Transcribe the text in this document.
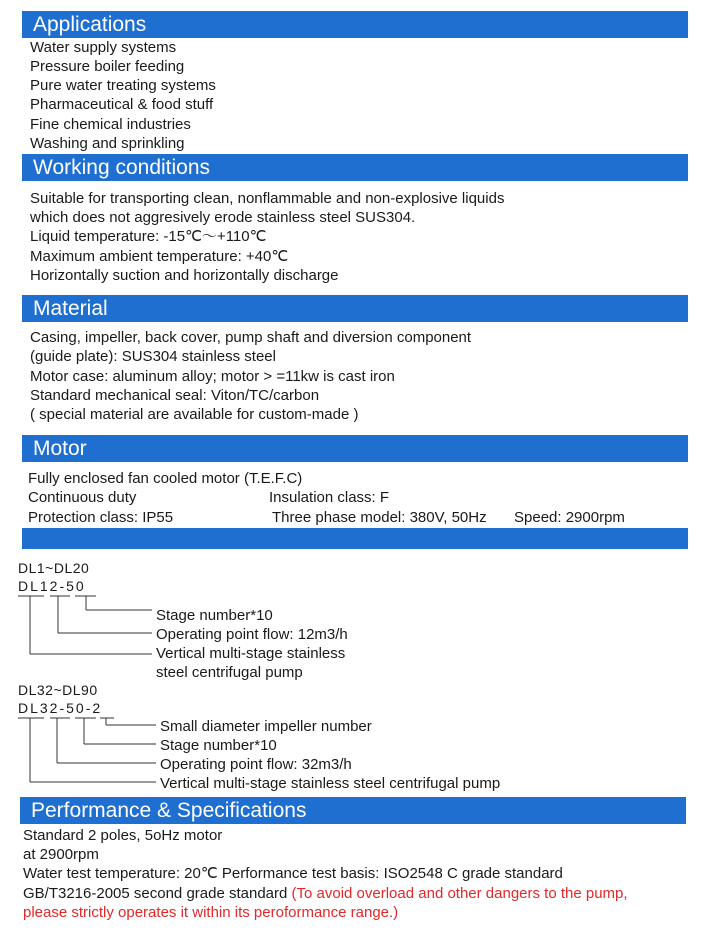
Applications
Water supply systems
Pressure boiler feeding
Pure water treating systems
Pharmaceutical & food stuff
Fine chemical industries
Washing and sprinkling
Working conditions
Suitable for transporting clean, nonflammable and non-explosive liquids
which does not aggresively erode stainless steel SUS304.
Liquid temperature: -15℃～+110℃
Maximum ambient temperature: +40℃
Horizontally suction and horizontally discharge
Material
Casing, impeller, back cover, pump shaft and diversion component
(guide plate): SUS304 stainless steel
Motor case: aluminum alloy; motor > =11kw is cast iron
Standard mechanical seal: Viton/TC/carbon
( special material are available for custom-made )
Motor
Fully enclosed fan cooled motor (T.E.F.C)
Continuous duty	Insulation class: F
Protection class: IP55	Three phase model: 380V, 50Hz Speed: 2900rpm
DL1~DL20
DL12-50
Stage number*10
Operating point flow: 12m3/h
Vertical multi-stage stainless
steel centrifugal pump
DL32~DL90
DL32-50-2
Small diameter impeller number
Stage number*10
Operating point flow: 32m3/h
Vertical multi-stage stainless steel centrifugal pump
Performance & Specifications
Standard 2 poles, 5oHz motor
at 2900rpm
Water test temperature: 20℃ Performance test basis: ISO2548 C grade standard
GB/T3216-2005 second grade standard (To avoid overload and other dangers to the pump,
please strictly operates it within its peroformance range.)
